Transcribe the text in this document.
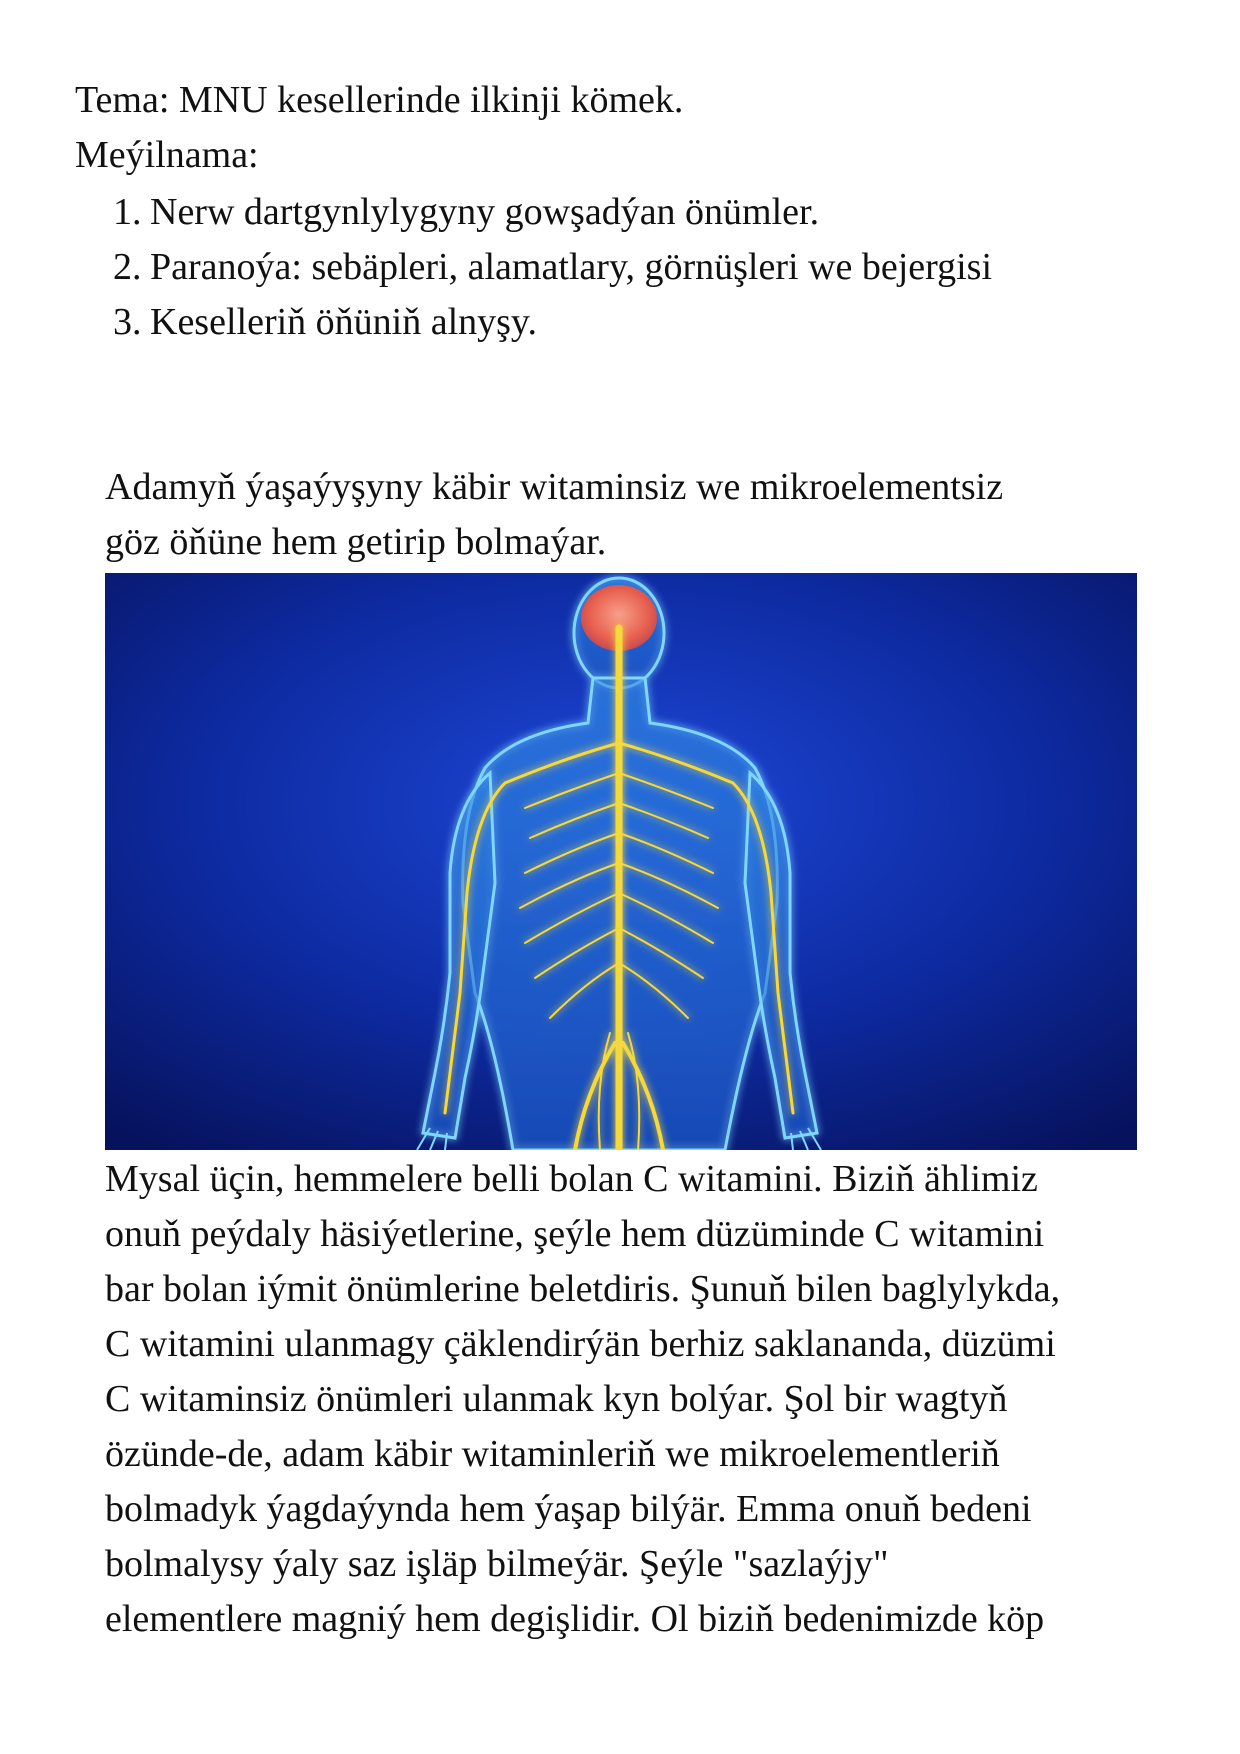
Tema: MNU kesellerinde ilkinji kömek.
Meýilnama:
1. Nerw dartgynlylygyny gowşadýan önümler.
2. Paranoýa: sebäpleri, alamatlary, görnüşleri we bejergisi
3. Keselleriň öňüniň alnyşy.
Adamyň ýaşaýyşyny käbir witaminsiz we mikroelementsiz
göz öňüne hem getirip bolmaýar.
Mysal üçin, hemmelere belli bolan C witamini. Biziň ählimiz
onuň peýdaly häsiýetlerine, şeýle hem düzüminde C witamini
bar bolan iýmit önümlerine beletdiris. Şunuň bilen baglylykda,
C witamini ulanmagy çäklendirýän berhiz saklananda, düzümi
C witaminsiz önümleri ulanmak kyn bolýar. Şol bir wagtyň
özünde-de, adam käbir witaminleriň we mikroelementleriň
bolmadyk ýagdaýynda hem ýaşap bilýär. Emma onuň bedeni
bolmalysy ýaly saz işläp bilmeýär. Şeýle "sazlaýjy"
elementlere magniý hem degişlidir. Ol biziň bedenimizde köp
